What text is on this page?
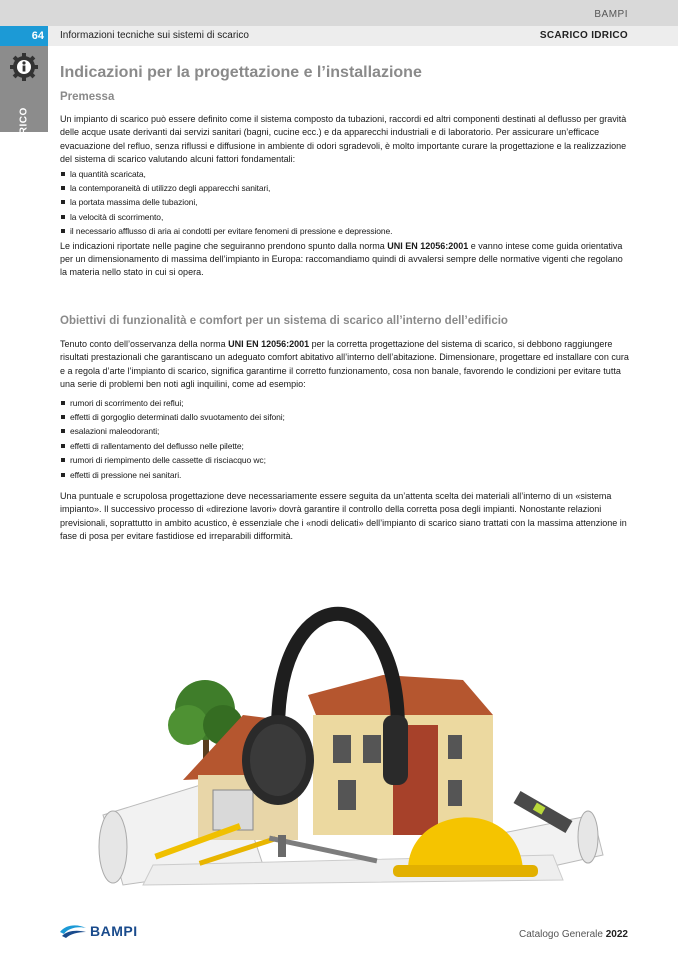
BAMPI
64	Informazioni tecniche sui sistemi di scarico	SCARICO IDRICO
SCARICO
Indicazioni per la progettazione e l’installazione
Premessa

Un impianto di scarico può essere definito come il sistema composto da tubazioni, raccordi ed altri componenti destinati al deflusso per gravità delle acque usate derivanti dai servizi sanitari (bagni, cucine ecc.) e da apparecchi industriali e di laboratorio. Per assicurare un’efficace evacuazione del refluo, senza riflussi e diffusione in ambiente di odori sgradevoli, è molto importante curare la progettazione e la realizzazione del sistema di scarico valutando alcuni fattori fondamentali:

la quantità scaricata,
la contemporaneità di utilizzo degli apparecchi sanitari,
la portata massima delle tubazioni,
la velocità di scorrimento,
il necessario afflusso di aria ai condotti per evitare fenomeni di pressione e depressione.

Le indicazioni riportate nelle pagine che seguiranno prendono spunto dalla norma UNI EN 12056:2001 e vanno intese come guida orientativa per un dimensionamento di massima dell’impianto in Europa: raccomandiamo quindi di avvalersi sempre delle normative vigenti che regolano la materia nello stato in cui si opera.

Obiettivi di funzionalità e comfort per un sistema di scarico all’interno dell’edificio

Tenuto conto dell’osservanza della norma UNI EN 12056:2001 per la corretta progettazione del sistema di scarico, si debbono raggiungere risultati prestazionali che garantiscano un adeguato comfort abitativo all’interno dell’abitazione. Dimensionare, progettare ed installare con cura e a regola d’arte l’impianto di scarico, significa garantirne il corretto funzionamento, cosa non banale, favorendo le condizioni per evitare tutta una serie di problemi ben noti agli inquilini, come ad esempio:

rumori di scorrimento dei reflui;
effetti di gorgoglio determinati dallo svuotamento dei sifoni;
esalazioni maleodoranti;
effetti di rallentamento del deflusso nelle pilette;
rumori di riempimento delle cassette di risciacquo wc;
effetti di pressione nei sanitari.

Una puntuale e scrupolosa progettazione deve necessariamente essere seguita da un’attenta scelta dei materiali all’interno di un «sistema impianto». Il successivo processo di «direzione lavori» dovrà garantire il controllo della corretta posa degli impianti. Nonostante relazioni previsionali, soprattutto in ambito acustico, è essenziale che i «nodi delicati» dell’impianto di scarico siano trattati con la massima attenzione in fase di posa per evitare fastidiose ed irreparabili difformità.

BAMPI	Catalogo Generale 2022
